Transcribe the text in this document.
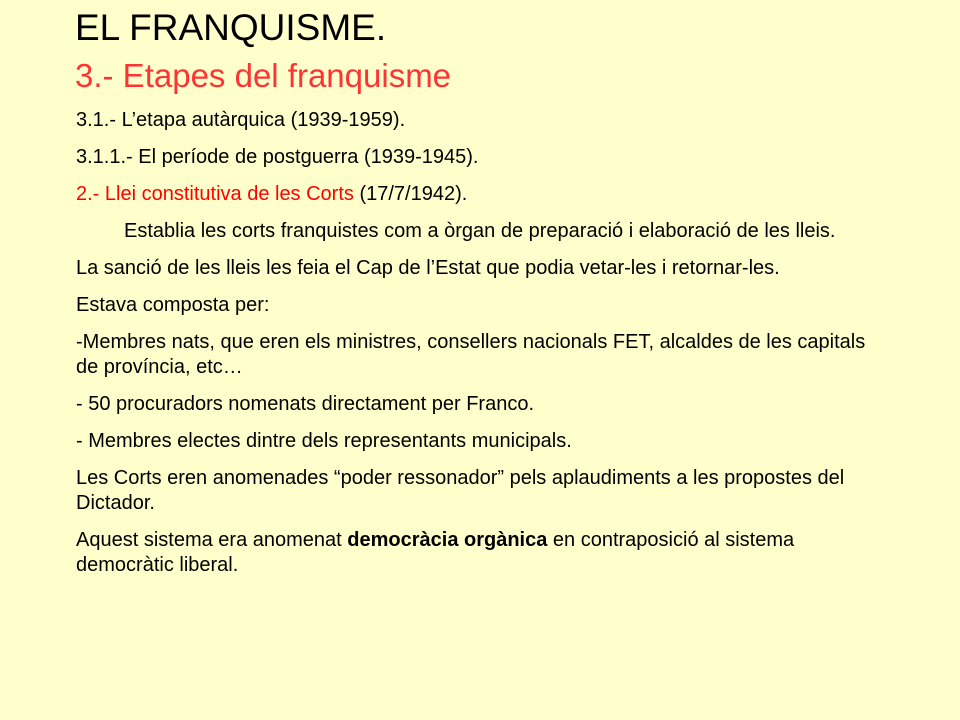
EL FRANQUISME.
3.- Etapes del franquisme

3.1.- L’etapa autàrquica (1939-1959).

3.1.1.- El període de postguerra (1939-1945).

2.- Llei constitutiva de les Corts (17/7/1942).

Establia les corts franquistes com a òrgan de preparació i elaboració de les lleis.

La sanció de les lleis les feia el Cap de l’Estat que podia vetar-les i retornar-les.

Estava composta per:

-Membres nats, que eren els ministres, consellers nacionals FET, alcaldes de les capitals de província, etc…

- 50 procuradors nomenats directament per Franco.

- Membres electes dintre dels representants municipals.

Les Corts eren anomenades “poder ressonador” pels aplaudiments a les propostes del Dictador.

Aquest sistema era anomenat democràcia orgànica en contraposició al sistema democràtic liberal.
